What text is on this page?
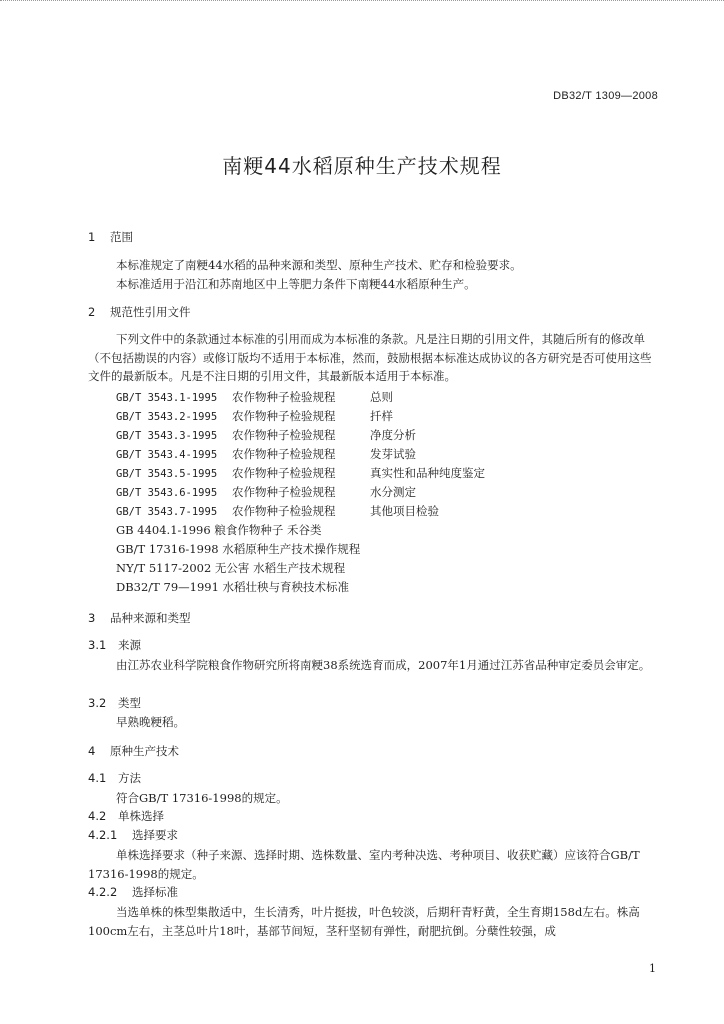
DB32/T 1309—2008
南粳44水稻原种生产技术规程
1 范围
本标准规定了南粳44水稻的品种来源和类型、原种生产技术、贮存和检验要求。
本标准适用于沿江和苏南地区中上等肥力条件下南粳44水稻原种生产。
2 规范性引用文件
下列文件中的条款通过本标准的引用而成为本标准的条款。凡是注日期的引用文件，其随后所有的修改单（不包括勘误的内容）或修订版均不适用于本标准，然而，鼓励根据本标准达成协议的各方研究是否可使用这些文件的最新版本。凡是不注日期的引用文件，其最新版本适用于本标准。
GB/T 3543.1-1995 农作物种子检验规程	总则
GB/T 3543.2-1995 农作物种子检验规程	扦样
GB/T 3543.3-1995 农作物种子检验规程	净度分析
GB/T 3543.4-1995 农作物种子检验规程	发芽试验
GB/T 3543.5-1995 农作物种子检验规程	真实性和品种纯度鉴定
GB/T 3543.6-1995 农作物种子检验规程	水分测定
GB/T 3543.7-1995 农作物种子检验规程	其他项目检验
GB 4404.1-1996 粮食作物种子 禾谷类
GB/T 17316-1998 水稻原种生产技术操作规程
NY/T 5117-2002 无公害 水稻生产技术规程
DB32/T 79—1991 水稻壮秧与育秧技术标准
3 品种来源和类型
3.1 来源
由江苏农业科学院粮食作物研究所将南粳38系统选育而成，2007年1月通过江苏省品种审定委员会审定。
3.2 类型
早熟晚粳稻。
4 原种生产技术
4.1 方法
符合GB/T 17316-1998的规定。
4.2 单株选择
4.2.1 选择要求
单株选择要求（种子来源、选择时期、选株数量、室内考种决选、考种项目、收获贮藏）应该符合GB/T 17316-1998的规定。
4.2.2 选择标准
当选单株的株型集散适中，生长清秀，叶片挺拔，叶色较淡，后期秆青籽黄，全生育期158d左右。株高100cm左右，主茎总叶片18叶，基部节间短，茎秆坚韧有弹性，耐肥抗倒。分蘖性较强，成
1
